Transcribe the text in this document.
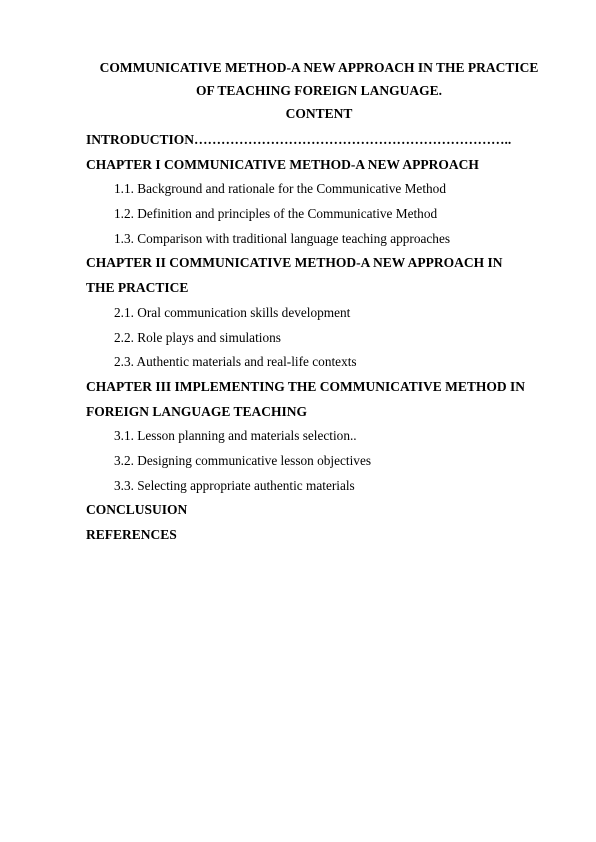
COMMUNICATIVE METHOD-A NEW APPROACH IN THE PRACTICE
OF TEACHING FOREIGN LANGUAGE.
CONTENT
INTRODUCTION……………………………………………………………..
CHAPTER I COMMUNICATIVE METHOD-A NEW APPROACH
1.1. Background and rationale for the Communicative Method
1.2. Definition and principles of the Communicative Method
1.3. Comparison with traditional language teaching approaches
CHAPTER II COMMUNICATIVE METHOD-A NEW APPROACH IN
THE PRACTICE
2.1. Oral communication skills development
2.2. Role plays and simulations
2.3. Authentic materials and real-life contexts
CHAPTER III IMPLEMENTING THE COMMUNICATIVE METHOD IN
FOREIGN LANGUAGE TEACHING
3.1. Lesson planning and materials selection..
3.2. Designing communicative lesson objectives
3.3. Selecting appropriate authentic materials
CONCLUSUION
REFERENCES
